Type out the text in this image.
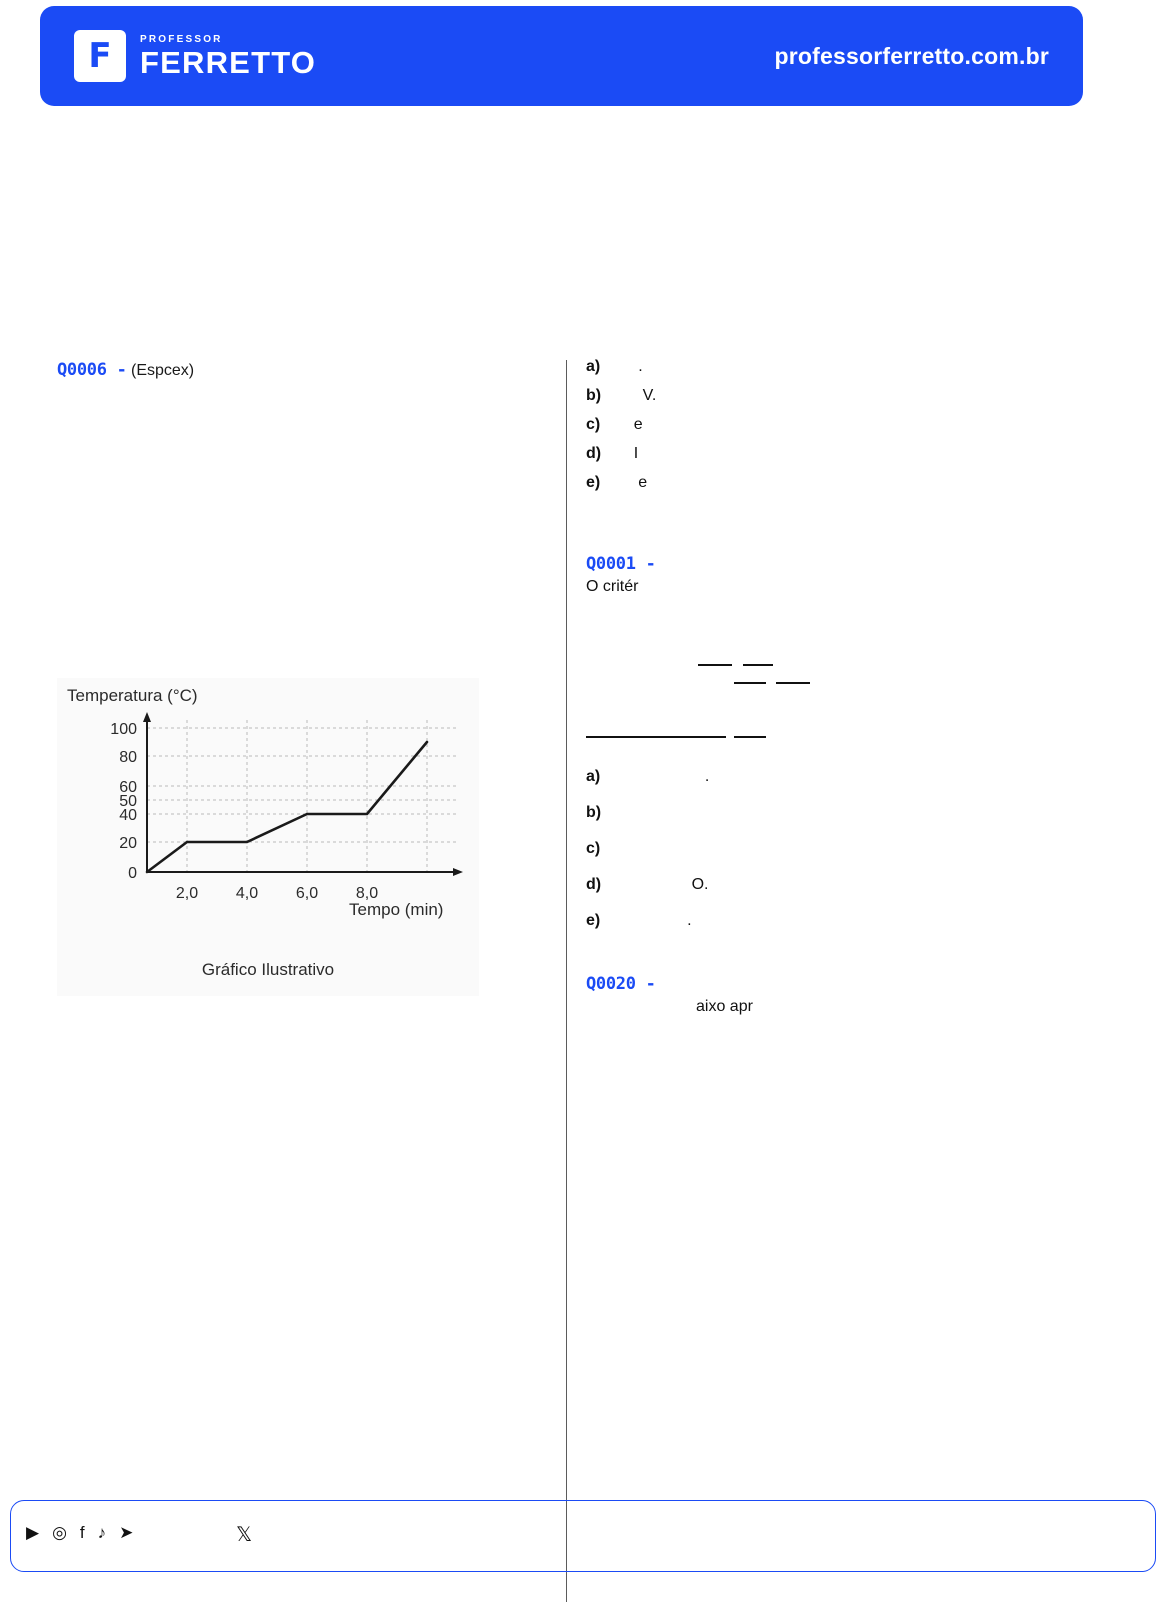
F	PROFESSOR
FERRETTO	professorferretto.com.br
Q0006 - (Espcex)
Temperatura (°C)
100
80
60
50
40
20
0
2,0 4,0 6,0 8,0
Tempo (min)
Gráfico Ilustrativo
a) .
b) V.
c) e
d) I
e) e
Q0001 -
O critér
a) .
b)
c)
d) O.
e) .
Q0020 -
aixo apr
▶ ◎ f ♪ ➤	𝕏
